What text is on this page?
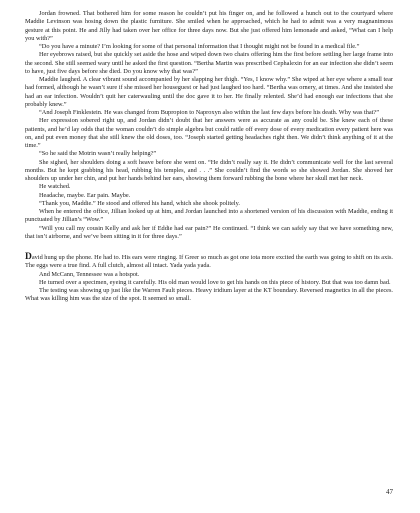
Jordan frowned. That bothered him for some reason he couldn’t put his finger on, and he followed a hunch out to the courtyard where Maddie Levinson was hosing down the plastic furniture. She smiled when he approached, which he had to admit was a very magnanimous gesture at this point. He and Jilly had taken over her office for three days now. But she just offered him lemonade and asked, “What can I help you with?”

“Do you have a minute? I’m looking for some of that personal information that I thought might not be found in a medical file.”

Her eyebrows raised, but she quickly set aside the hose and wiped down two chairs offering him the first before settling her large frame into the second. She still seemed wary until he asked the first question. “Bertha Martin was prescribed Cephalexin for an ear infection she didn’t seem to have, just five days before she died. Do you know why that was?”

Maddie laughed. A clear vibrant sound accompanied by her slapping her thigh. “Yes, I know why.” She wiped at her eye where a small tear had formed, although he wasn’t sure if she missed her houseguest or had just laughed too hard. “Bertha was ornery, at times. And she insisted she had an ear infection. Wouldn’t quit her caterwauling until the doc gave it to her. He finally relented. She’d had enough ear infections that she probably knew.”

“And Joseph Finklestein. He was changed from Bupropion to Naproxyn also within the last few days before his death. Why was that?”

Her expression sobered right up, and Jordan didn’t doubt that her answers were as accurate as any could be. She knew each of these patients, and he’d lay odds that the woman couldn’t do simple algebra but could rattle off every dose of every medication every patient here was on, and put even money that she still knew the old doses, too. “Joseph started getting headaches right then. We didn’t think anything of it at the time.”

“So he said the Motrin wasn’t really helping?”

She sighed, her shoulders doing a soft heave before she went on. “He didn’t really say it. He didn’t communicate well for the last several months. But he kept grabbing his head, rubbing his temples, and . . .” She couldn’t find the words so she showed Jordan. She shoved her shoulders up under her chin, and put her hands behind her ears, showing them forward rubbing the bone where her skull met her neck.

He watched.

Headache, maybe. Ear pain. Maybe.

“Thank you, Maddie.” He stood and offered his hand, which she shook politely.

When he entered the office, Jillian looked up at him, and Jordan launched into a shortened version of his discussion with Maddie, ending it punctuated by Jillian’s “Wow.”

“Will you call my cousin Kelly and ask her if Eddie had ear pain?” He continued. “I think we can safely say that we have something new, that isn’t airborne, and we’ve been sitting in it for three days.”

David hung up the phone. He had to. His ears were ringing. If Greer so much as got one iota more excited the earth was going to shift on its axis. The eggs were a true find. A full clutch, almost all intact. Yada yada yada.

And McCann, Tennessee was a hotspot.

He turned over a specimen, eyeing it carefully. His old man would love to get his hands on this piece of history. But that was too damn bad.

The testing was showing up just like the Warren Fault pieces. Heavy iridium layer at the KT boundary. Reversed magnetics in all the pieces. What was killing him was the size of the spot. It seemed so small.

47
